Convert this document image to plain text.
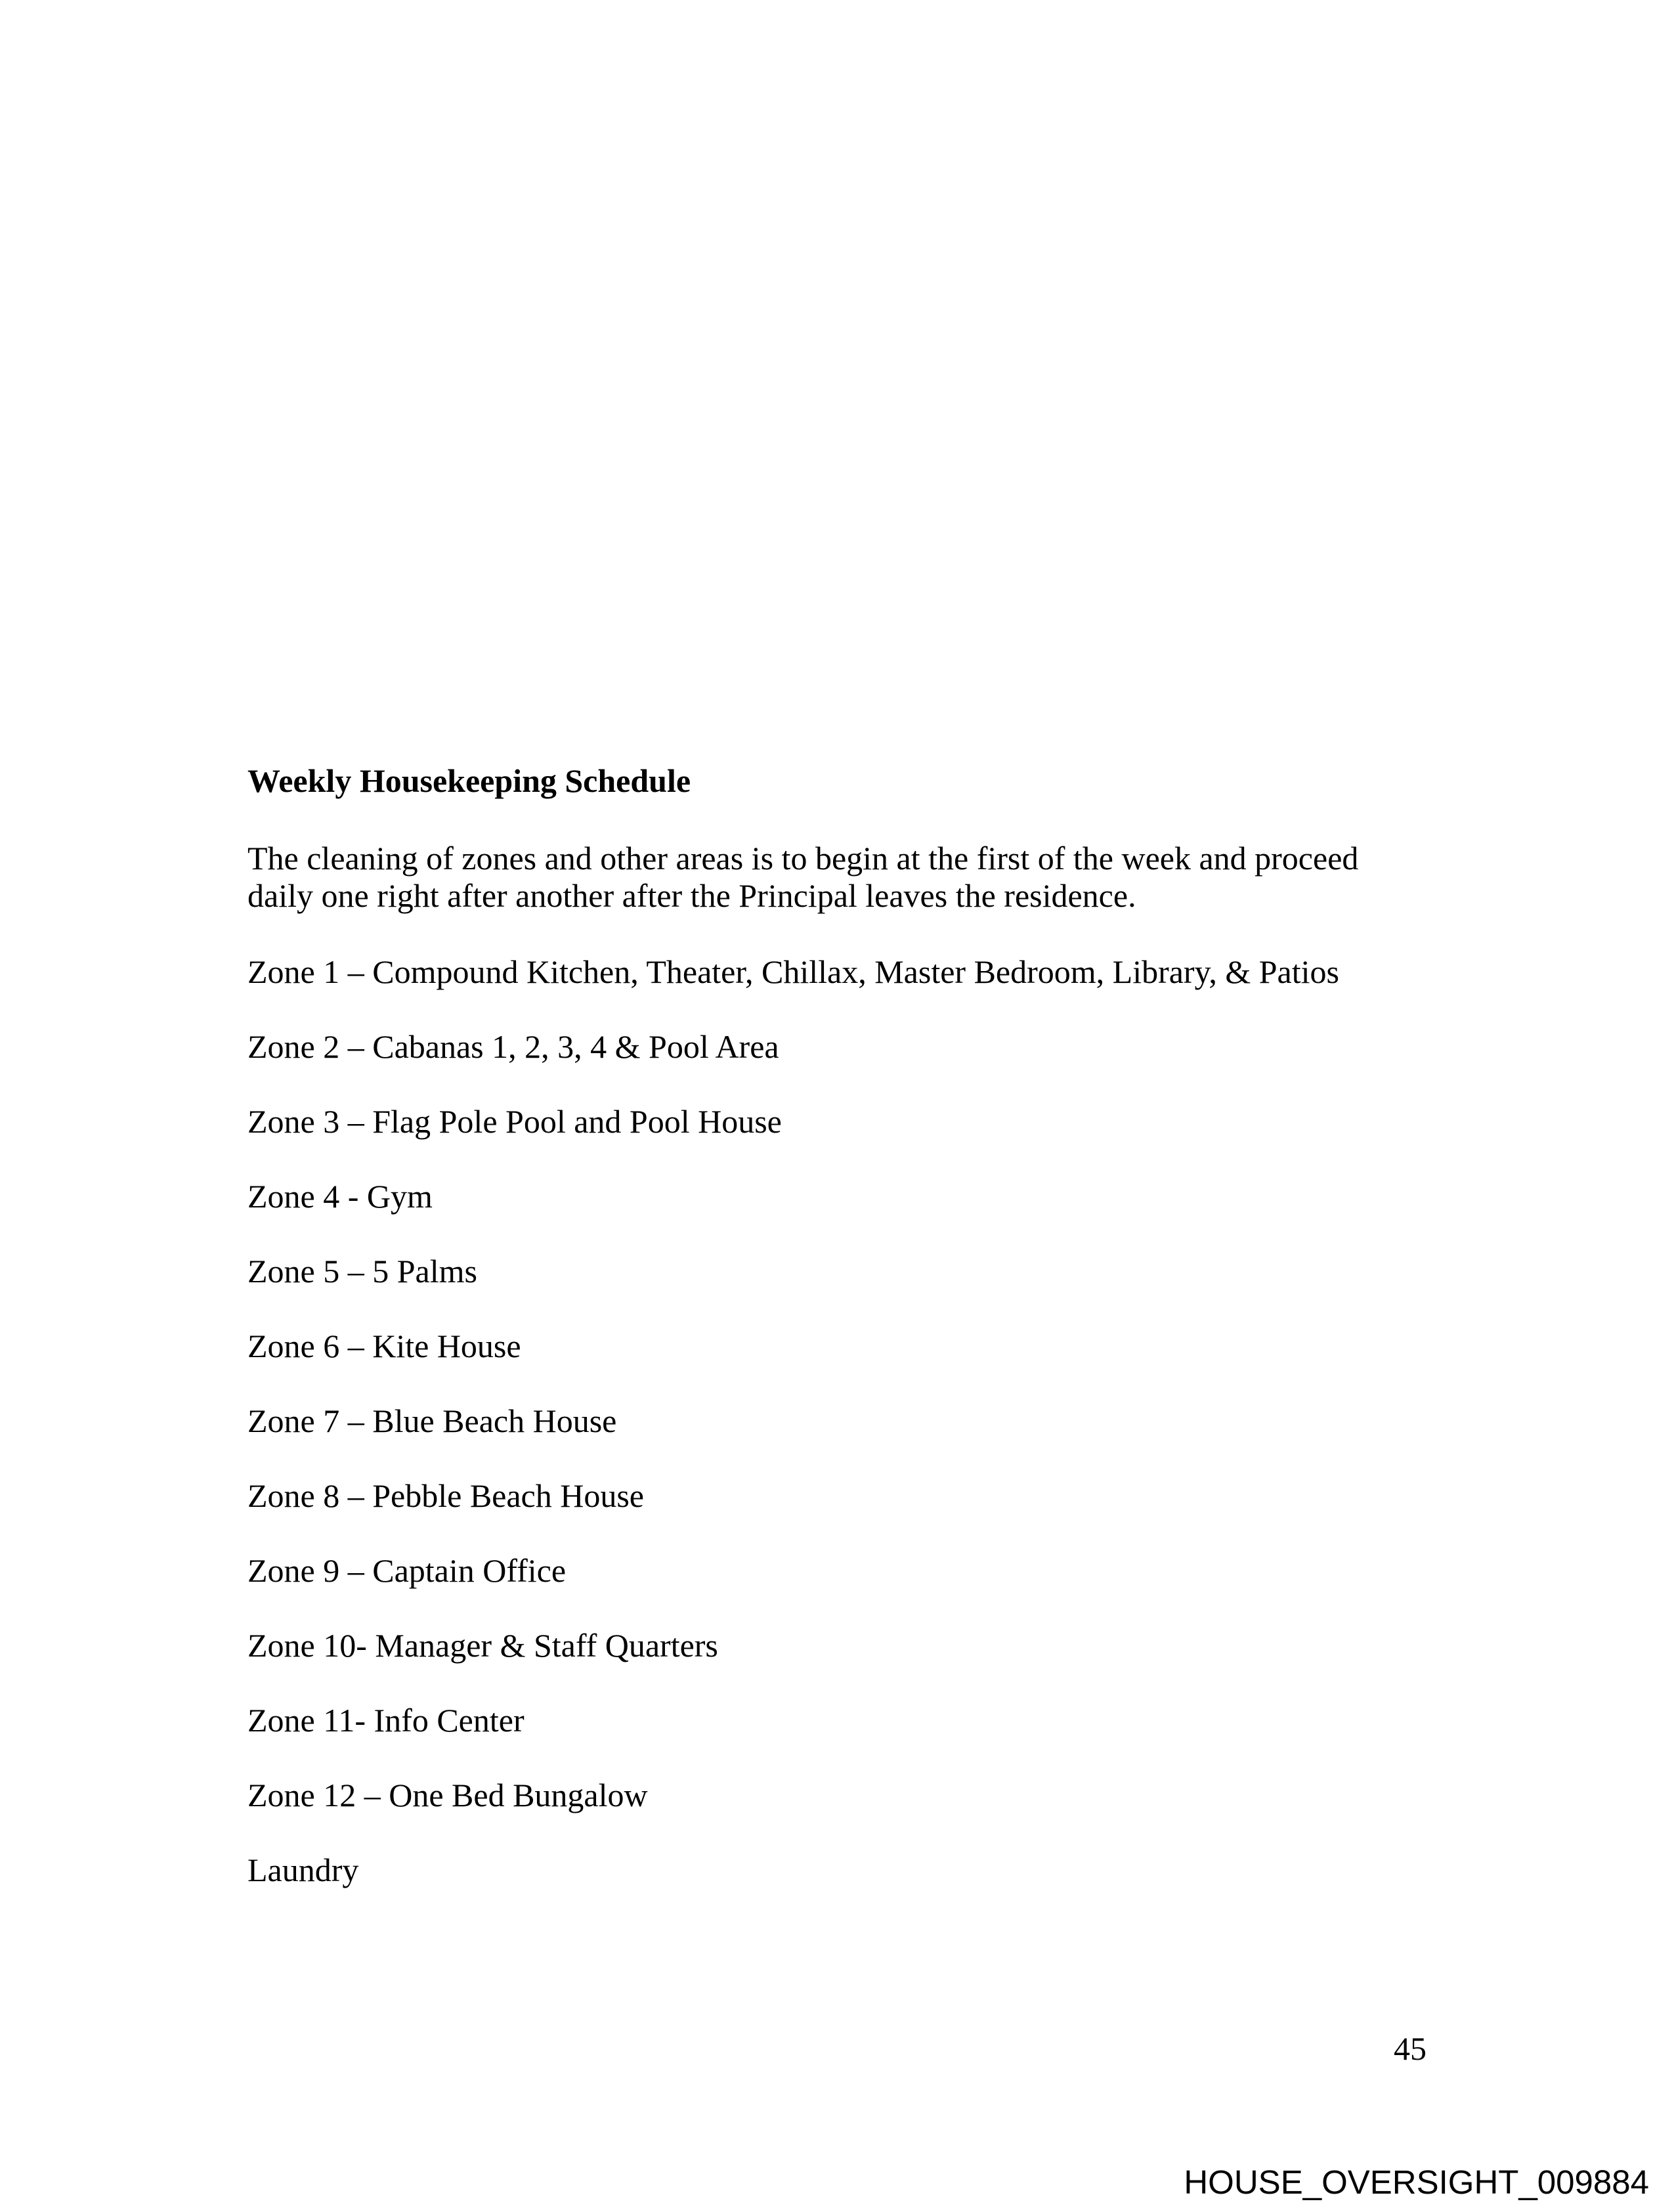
Weekly Housekeeping Schedule

The cleaning of zones and other areas is to begin at the first of the week and proceed daily one right after another after the Principal leaves the residence.

Zone 1 – Compound Kitchen, Theater, Chillax, Master Bedroom, Library, & Patios

Zone 2 – Cabanas 1, 2, 3, 4 & Pool Area

Zone 3 – Flag Pole Pool and Pool House

Zone 4 - Gym

Zone 5 – 5 Palms

Zone 6 – Kite House

Zone 7 – Blue Beach House

Zone 8 – Pebble Beach House

Zone 9 – Captain Office

Zone 10- Manager & Staff Quarters

Zone 11- Info Center

Zone 12 – One Bed Bungalow

Laundry

45
HOUSE_OVERSIGHT_009884
